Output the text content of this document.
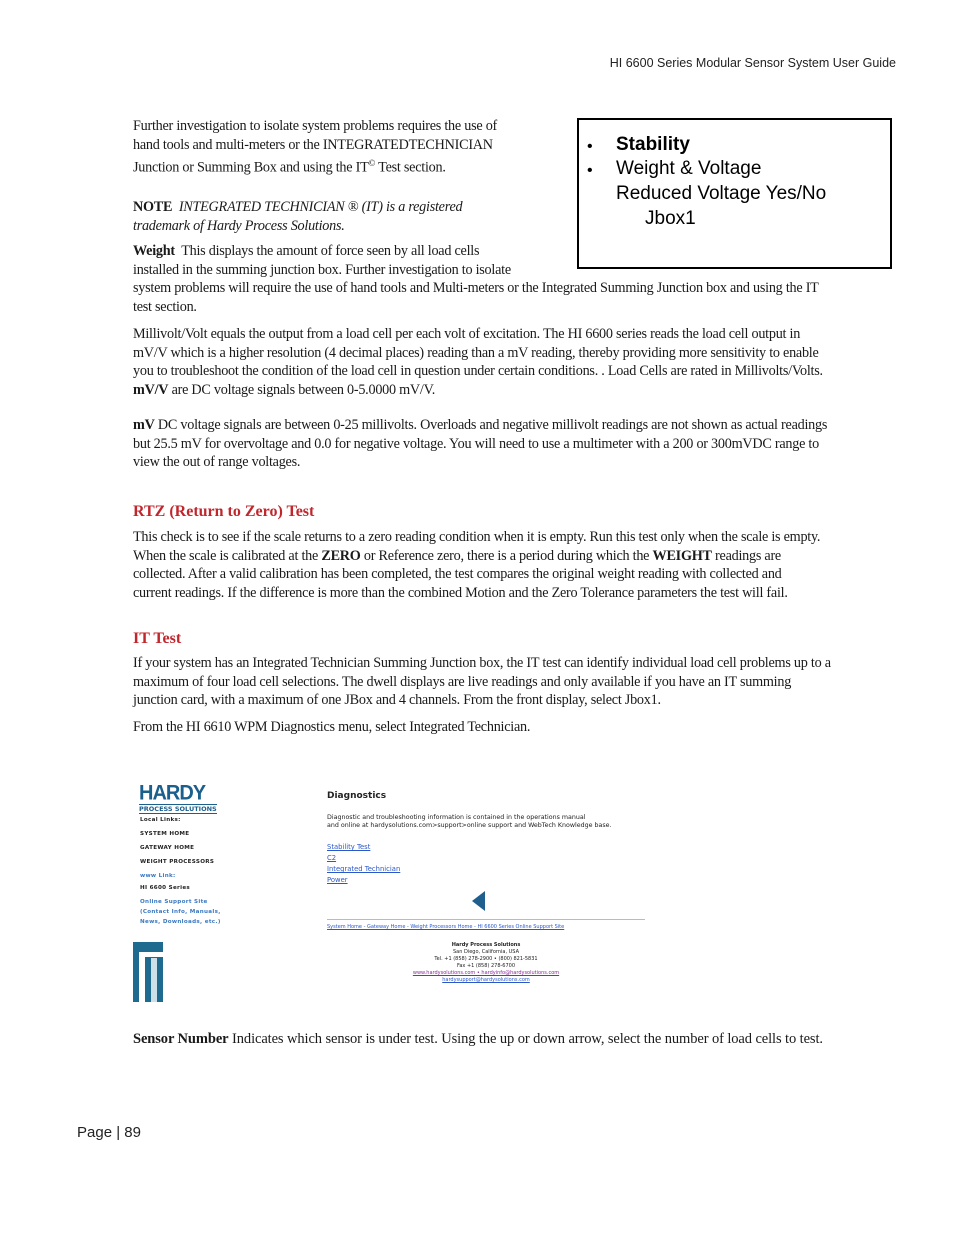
HI 6600 Series Modular Sensor System User Guide

Further investigation to isolate system problems requires the use of

hand tools and multi-meters or the INTEGRATEDTECHNICIAN

Junction or Summing Box and using the IT© Test section.

NOTE INTEGRATED TECHNICIAN ® (IT) is a registered

trademark of Hardy Process Solutions.

Weight This displays the amount of force seen by all load cells

installed in the summing junction box. Further investigation to isolate

system problems will require the use of hand tools and Multi-meters or the Integrated Summing Junction box and using the IT

test section.

• Stability
• Weight & Voltage
Reduced Voltage Yes/No
Jbox1

Millivolt/Volt equals the output from a load cell per each volt of excitation. The HI 6600 series reads the load cell output in

mV/V which is a higher resolution (4 decimal places) reading than a mV reading, thereby providing more sensitivity to enable

you to troubleshoot the condition of the load cell in question under certain conditions. . Load Cells are rated in Millivolts/Volts.

mV/V are DC voltage signals between 0-5.0000 mV/V.

mV DC voltage signals are between 0-25 millivolts. Overloads and negative millivolt readings are not shown as actual readings

but 25.5 mV for overvoltage and 0.0 for negative voltage. You will need to use a multimeter with a 200 or 300mVDC range to

view the out of range voltages.

RTZ (Return to Zero) Test

This check is to see if the scale returns to a zero reading condition when it is empty. Run this test only when the scale is empty.

When the scale is calibrated at the ZERO or Reference zero, there is a period during which the WEIGHT readings are

collected. After a valid calibration has been completed, the test compares the original weight reading with collected and

current readings. If the difference is more than the combined Motion and the Zero Tolerance parameters the test will fail.

IT Test

If your system has an Integrated Technician Summing Junction box, the IT test can identify individual load cell problems up to a

maximum of four load cell selections. The dwell displays are live readings and only available if you have an IT summing

junction card, with a maximum of one JBox and 4 channels. From the front display, select Jbox1.

From the HI 6610 WPM Diagnostics menu, select Integrated Technician.
HARDY
PROCESS SOLUTIONS
Local Links:
SYSTEM HOME
GATEWAY HOME
WEIGHT PROCESSORS
www Link:
HI 6600 Series
Online Support Site
(Contact Info, Manuals,
News, Downloads, etc.)
Diagnostics
Diagnostic and troubleshooting information is contained in the operations manual
and online at hardysolutions.com>support>online support and WebTech Knowledge base.
Stability Test
C2
Integrated Technician
Power
System Home - Gateway Home - Weight Processors Home - HI 6600 Series Online Support Site
Hardy Process Solutions
San Diego, California, USA
Tel. +1 (858) 278-2900 • (800) 821-5831
Fax +1 (858) 278-6700
www.hardysolutions.com • hardyinfo@hardysolutions.com
hardysupport@hardysolutions.com

Sensor Number Indicates which sensor is under test. Using the up or down arrow, select the number of load cells to test.

Page | 89
